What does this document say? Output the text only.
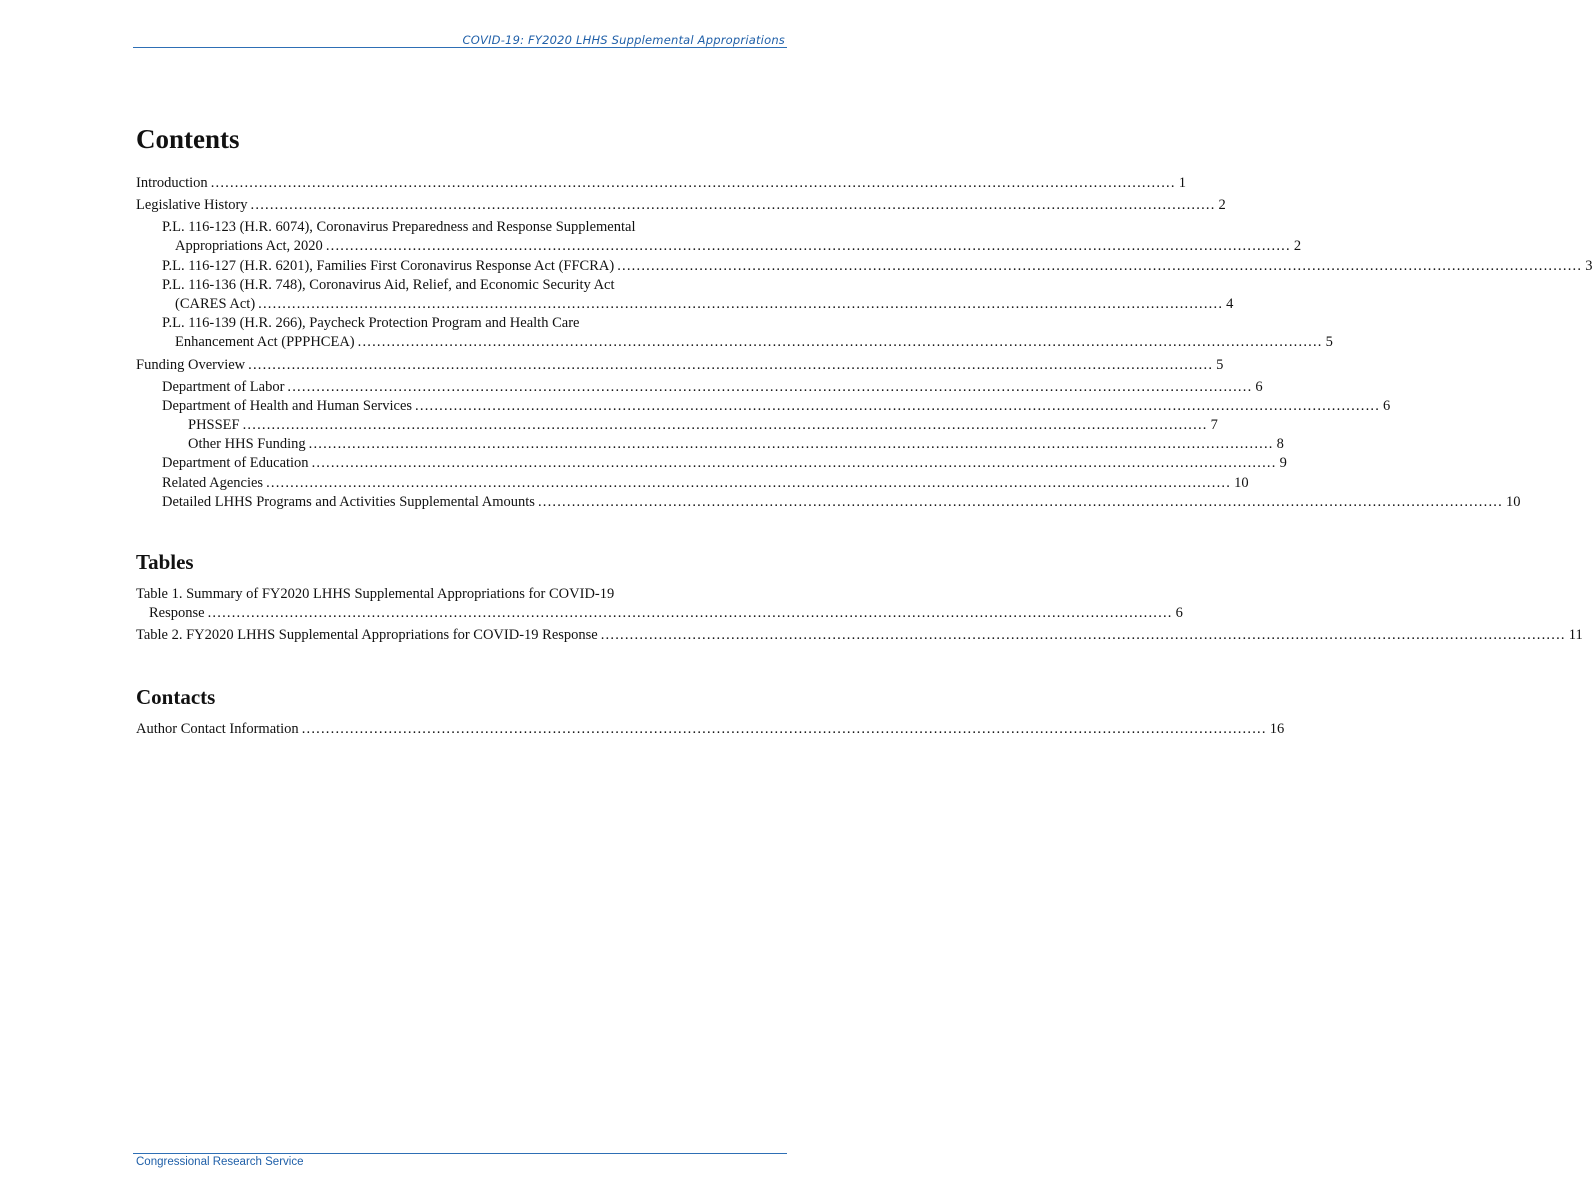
COVID-19: FY2020 LHHS Supplemental Appropriations
Contents
Introduction ........................................................................................................................................................................................................ 1
Legislative History ........................................................................................................................................................................................................ 2
P.L. 116-123 (H.R. 6074), Coronavirus Preparedness and Response Supplemental
Appropriations Act, 2020 ........................................................................................................................................................................................................ 2
P.L. 116-127 (H.R. 6201), Families First Coronavirus Response Act (FFCRA) ........................................................................................................................................................................................................ 3
P.L. 116-136 (H.R. 748), Coronavirus Aid, Relief, and Economic Security Act
(CARES Act) ........................................................................................................................................................................................................ 4
P.L. 116-139 (H.R. 266), Paycheck Protection Program and Health Care
Enhancement Act (PPPHCEA) ........................................................................................................................................................................................................ 5
Funding Overview ........................................................................................................................................................................................................ 5
Department of Labor ........................................................................................................................................................................................................ 6
Department of Health and Human Services ........................................................................................................................................................................................................ 6
PHSSEF ........................................................................................................................................................................................................ 7
Other HHS Funding ........................................................................................................................................................................................................ 8
Department of Education ........................................................................................................................................................................................................ 9
Related Agencies ........................................................................................................................................................................................................ 10
Detailed LHHS Programs and Activities Supplemental Amounts ........................................................................................................................................................................................................ 10
Tables
Table 1. Summary of FY2020 LHHS Supplemental Appropriations for COVID-19
Response ........................................................................................................................................................................................................ 6
Table 2. FY2020 LHHS Supplemental Appropriations for COVID-19 Response ........................................................................................................................................................................................................ 11
Contacts
Author Contact Information ........................................................................................................................................................................................................ 16
Congressional Research Service
